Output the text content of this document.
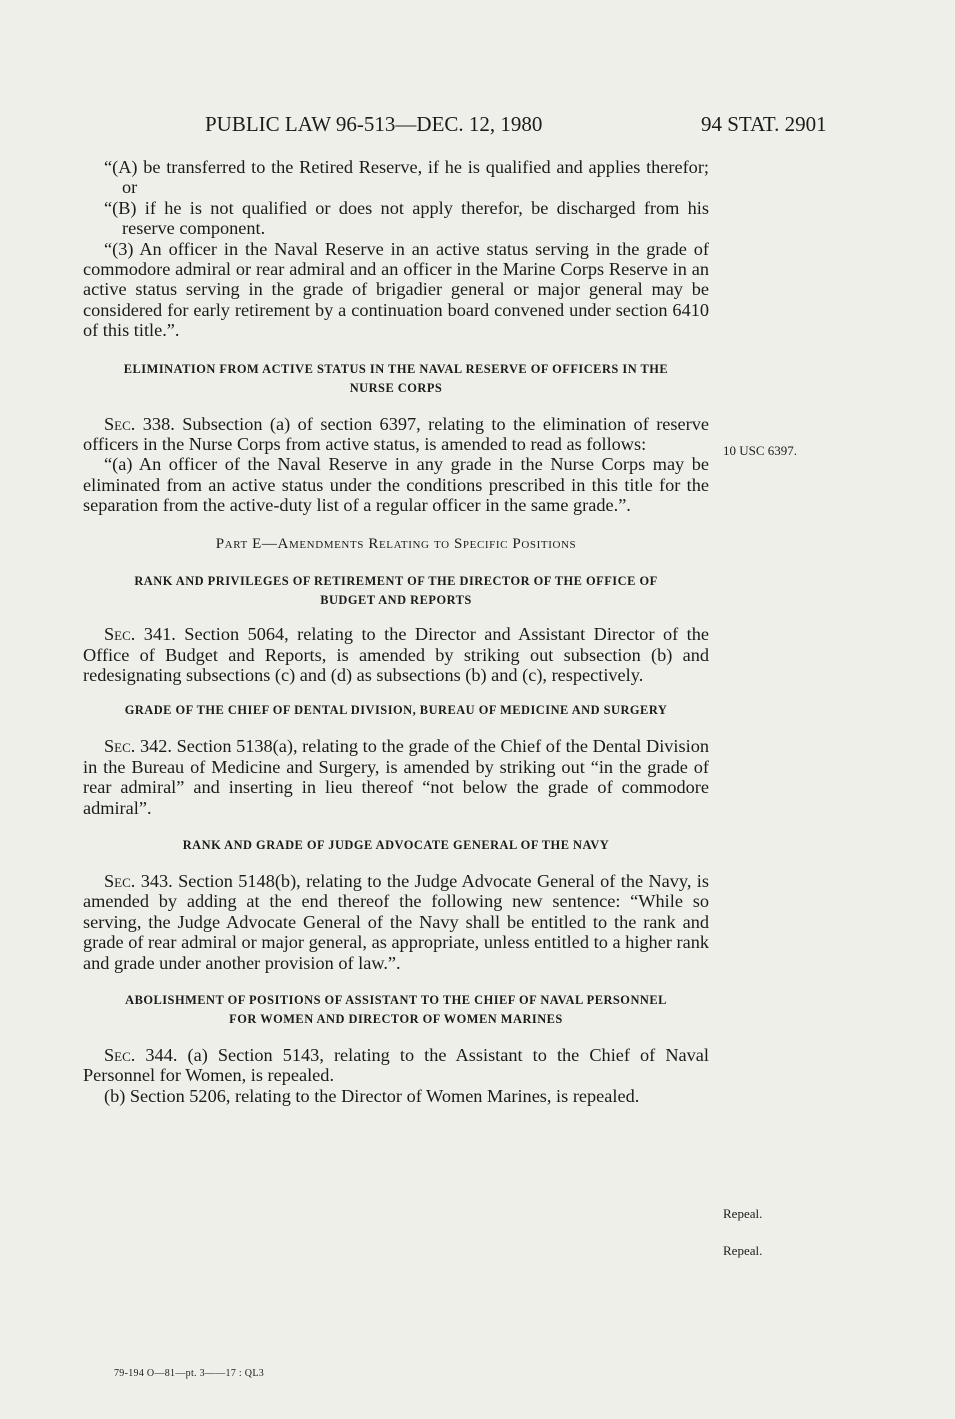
PUBLIC LAW 96-513—DEC. 12, 1980	94 STAT. 2901

“(A) be transferred to the Retired Reserve, if he is qualified and applies therefor; or

“(B) if he is not qualified or does not apply therefor, be discharged from his reserve component.

“(3) An officer in the Naval Reserve in an active status serving in the grade of commodore admiral or rear admiral and an officer in the Marine Corps Reserve in an active status serving in the grade of brigadier general or major general may be considered for early retirement by a continuation board convened under section 6410 of this title.”.

ELIMINATION FROM ACTIVE STATUS IN THE NAVAL RESERVE OF OFFICERS IN THE NURSE CORPS

Sec. 338. Subsection (a) of section 6397, relating to the elimination of reserve officers in the Nurse Corps from active status, is amended to read as follows:

“(a) An officer of the Naval Reserve in any grade in the Nurse Corps may be eliminated from an active status under the conditions prescribed in this title for the separation from the active-duty list of a regular officer in the same grade.”.

Part E—Amendments Relating to Specific Positions
RANK AND PRIVILEGES OF RETIREMENT OF THE DIRECTOR OF THE OFFICE OF BUDGET AND REPORTS

Sec. 341. Section 5064, relating to the Director and Assistant Director of the Office of Budget and Reports, is amended by striking out subsection (b) and redesignating subsections (c) and (d) as subsections (b) and (c), respectively.

GRADE OF THE CHIEF OF DENTAL DIVISION, BUREAU OF MEDICINE AND SURGERY

Sec. 342. Section 5138(a), relating to the grade of the Chief of the Dental Division in the Bureau of Medicine and Surgery, is amended by striking out “in the grade of rear admiral” and inserting in lieu thereof “not below the grade of commodore admiral”.

RANK AND GRADE OF JUDGE ADVOCATE GENERAL OF THE NAVY

Sec. 343. Section 5148(b), relating to the Judge Advocate General of the Navy, is amended by adding at the end thereof the following new sentence: “While so serving, the Judge Advocate General of the Navy shall be entitled to the rank and grade of rear admiral or major general, as appropriate, unless entitled to a higher rank and grade under another provision of law.”.

ABOLISHMENT OF POSITIONS OF ASSISTANT TO THE CHIEF OF NAVAL PERSONNEL FOR WOMEN AND DIRECTOR OF WOMEN MARINES

Sec. 344. (a) Section 5143, relating to the Assistant to the Chief of Naval Personnel for Women, is repealed.

(b) Section 5206, relating to the Director of Women Marines, is repealed.

10 USC 6397.
Repeal.
Repeal.
79-194 O—81—pt. 3——17 : QL3
